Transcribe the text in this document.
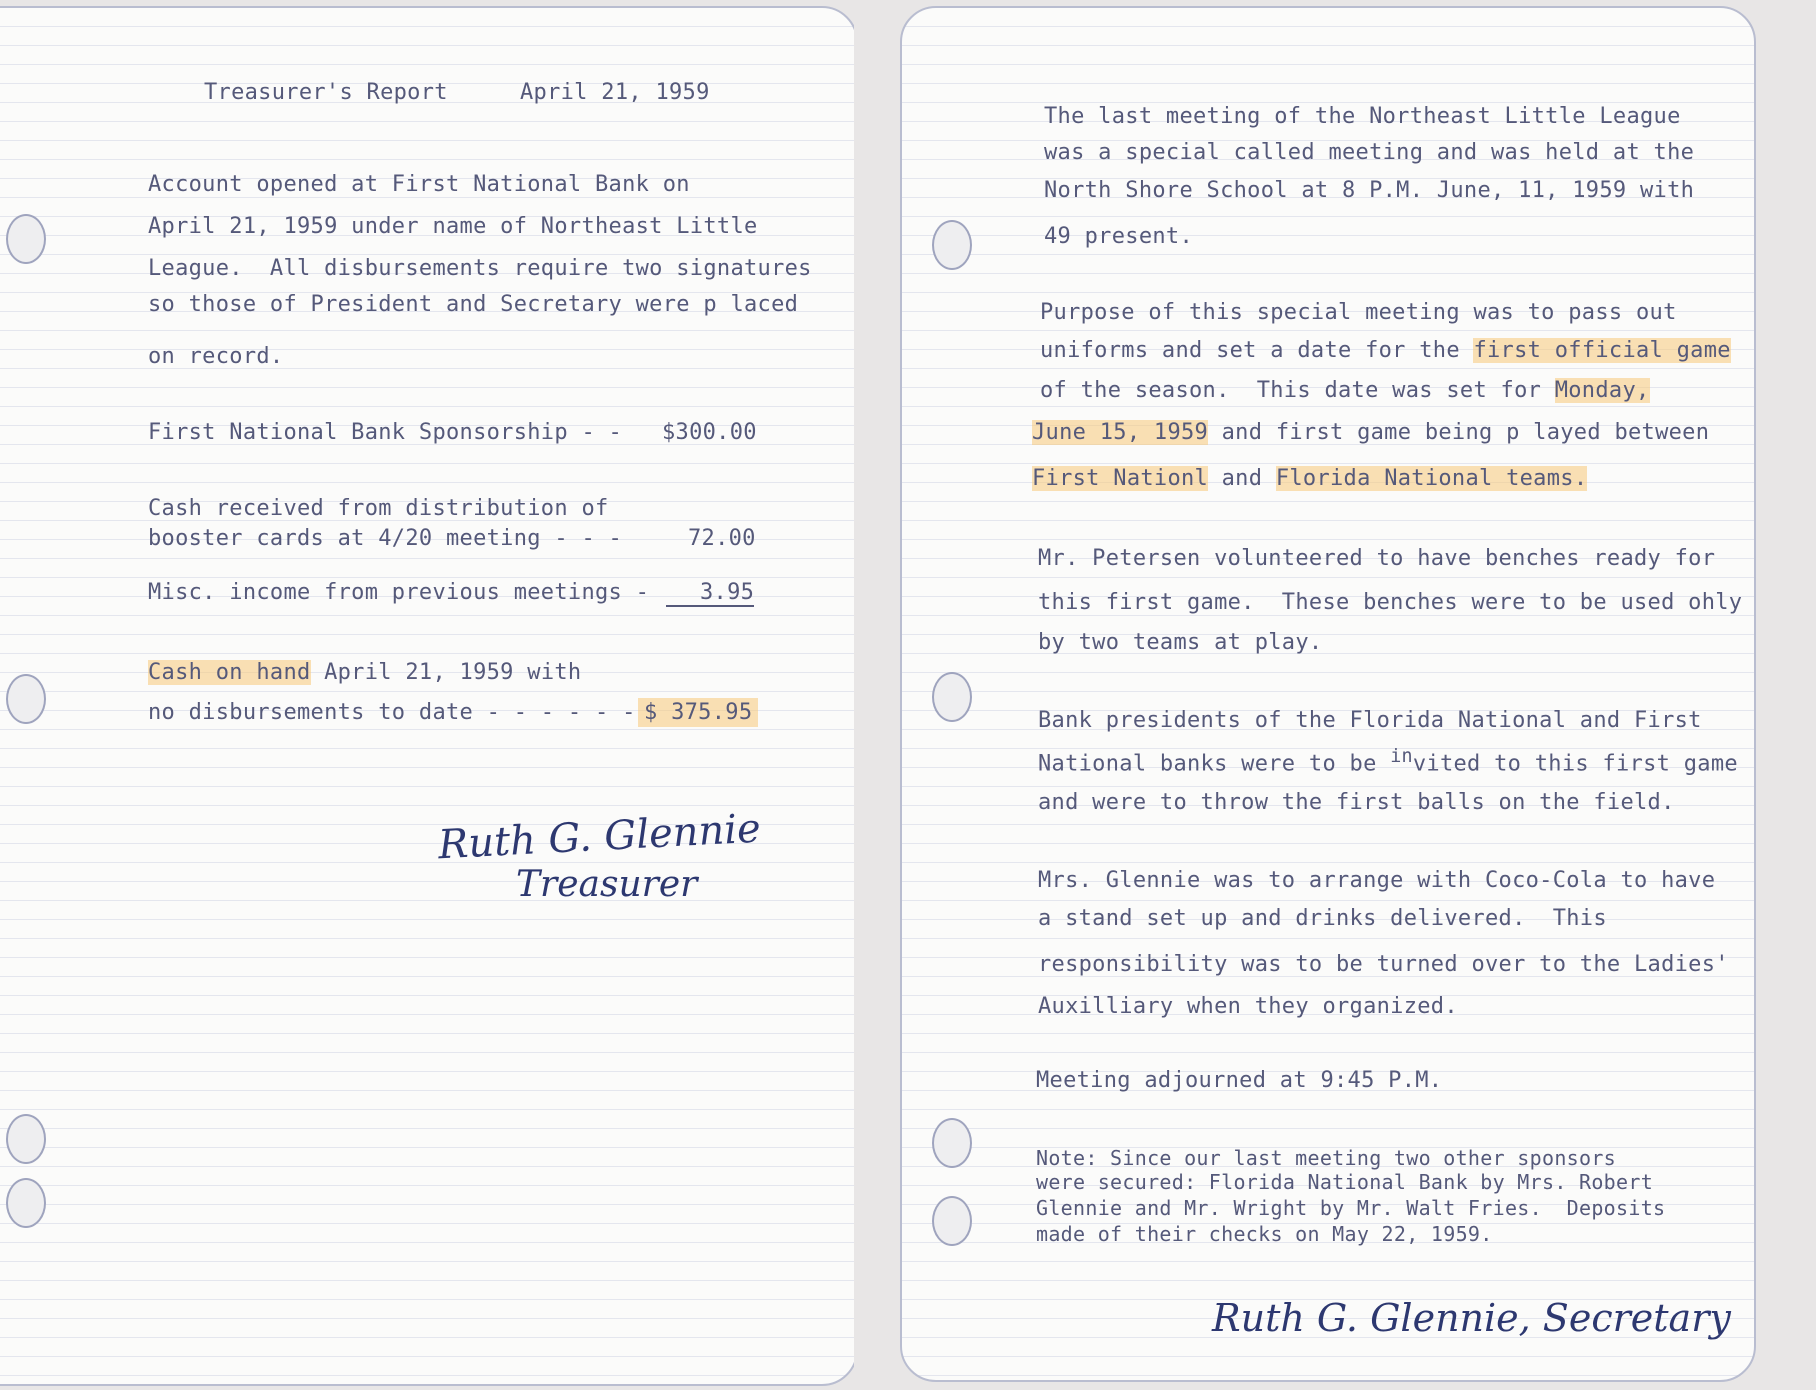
Treasurer's Report	April 21, 1959
Account opened at First National Bank on
April 21, 1959 under name of Northeast Little
League.  All disbursements require two signatures
so those of President and Secretary were p laced
on record.
First National Bank Sponsorship - - $300.00
Cash received from distribution of
booster cards at 4/20 meeting - - -	72.00
Misc. income from previous meetings -	3.95
Cash on hand April 21, 1959 with
no disbursements to date - - - - - - $ 375.95
Ruth G. Glennie
Treasurer
The last meeting of the Northeast Little League
was a special called meeting and was held at the
North Shore School at 8 P.M. June, 11, 1959 with
49 present.
Purpose of this special meeting was to pass out
uniforms and set a date for the first official game
of the season.  This date was set for Monday,
June 15, 1959 and first game being p layed between
First Nationl and Florida National teams.
Mr. Petersen volunteered to have benches ready for
this first game.  These benches were to be used ohly
by two teams at play.
Bank presidents of the Florida National and First
National banks were to be $^{in}$vited to this first game
and were to throw the first balls on the field.
Mrs. Glennie was to arrange with Coco-Cola to have
a stand set up and drinks delivered.  This
responsibility was to be turned over to the Ladies'
Auxilliary when they organized.
Meeting adjourned at 9:45 P.M.
Note: Since our last meeting two other sponsors
were secured: Florida National Bank by Mrs. Robert
Glennie and Mr. Wright by Mr. Walt Fries.  Deposits
made of their checks on May 22, 1959.
Ruth G. Glennie, Secretary
